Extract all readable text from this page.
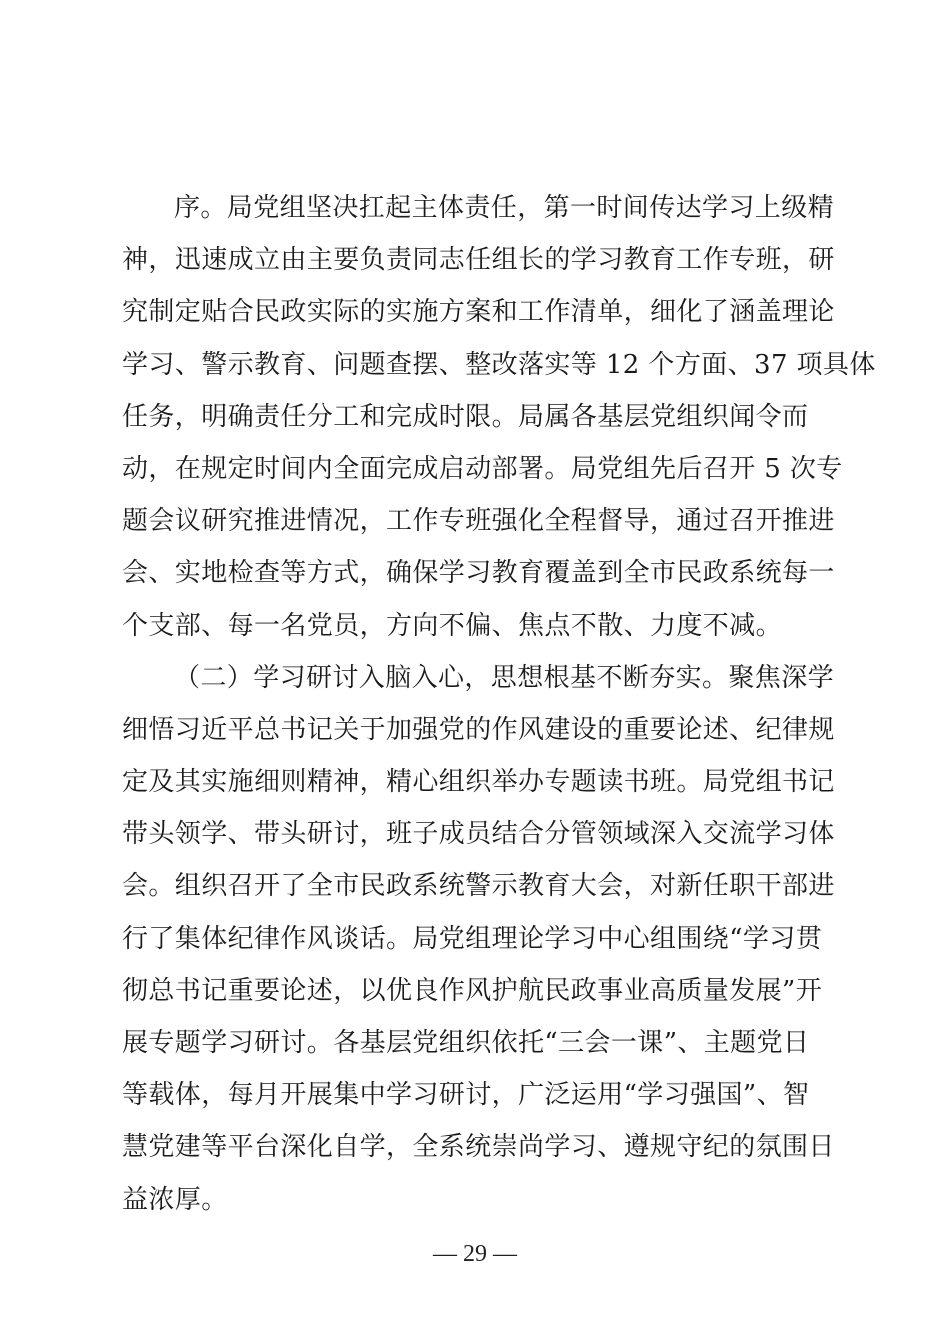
序。局党组坚决扛起主体责任，第一时间传达学习上级精
神，迅速成立由主要负责同志任组长的学习教育工作专班，研
究制定贴合民政实际的实施方案和工作清单，细化了涵盖理论
学习、警示教育、问题查摆、整改落实等 12 个方面、37 项具体
任务，明确责任分工和完成时限。局属各基层党组织闻令而
动，在规定时间内全面完成启动部署。局党组先后召开 5 次专
题会议研究推进情况，工作专班强化全程督导，通过召开推进
会、实地检查等方式，确保学习教育覆盖到全市民政系统每一
个支部、每一名党员，方向不偏、焦点不散、力度不减。
（二）学习研讨入脑入心，思想根基不断夯实。聚焦深学
细悟习近平总书记关于加强党的作风建设的重要论述、纪律规
定及其实施细则精神，精心组织举办专题读书班。局党组书记
带头领学、带头研讨，班子成员结合分管领域深入交流学习体
会。组织召开了全市民政系统警示教育大会，对新任职干部进
行了集体纪律作风谈话。局党组理论学习中心组围绕“学习贯
彻总书记重要论述，以优良作风护航民政事业高质量发展”开
展专题学习研讨。各基层党组织依托“三会一课”、主题党日
等载体，每月开展集中学习研讨，广泛运用“学习强国”、智
慧党建等平台深化自学，全系统崇尚学习、遵规守纪的氛围日
益浓厚。
— 29 —
